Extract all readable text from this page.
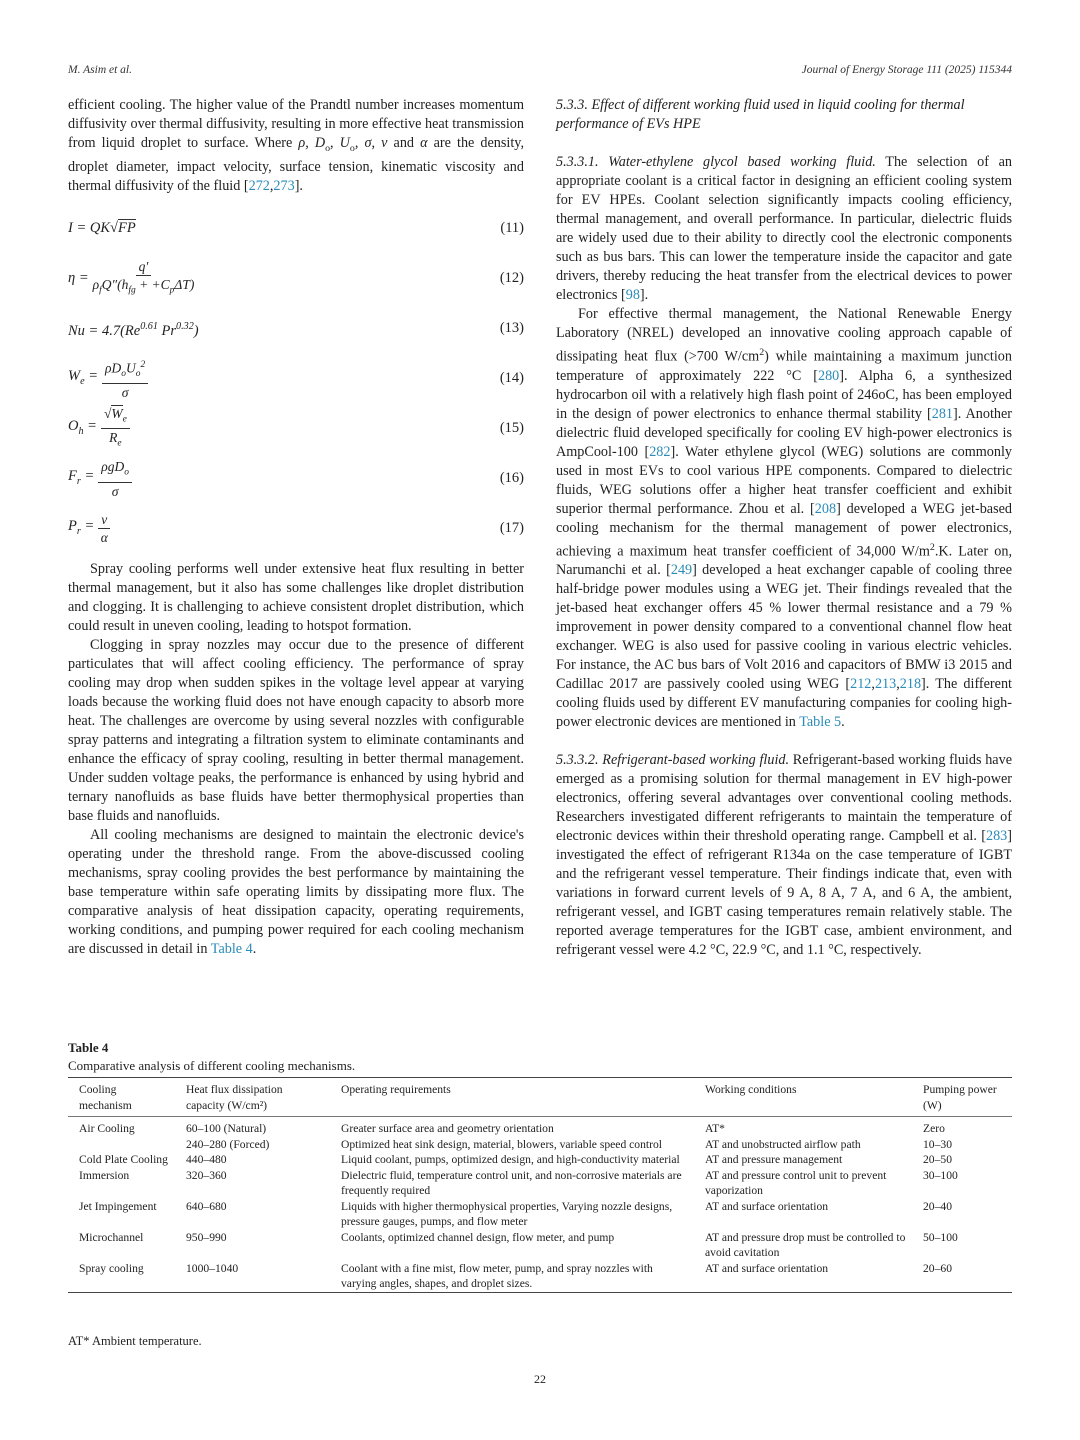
M. Asim et al.	Journal of Energy Storage 111 (2025) 115344

efficient cooling. The higher value of the Prandtl number increases momentum diffusivity over thermal diffusivity, resulting in more effective heat transmission from liquid droplet to surface. Where ρ, $D_o$, $U_o$, σ, ν and α are the density, droplet diameter, impact velocity, surface tension, kinematic viscosity and thermal diffusivity of the fluid [272,273].

I = QK√FP	(11)
$\eta = \frac{q'}{\rho_fQ''(h_{fg} + +C_p\Delta T)}$	(12)
$Nu = 4.7(Re^{0.61}$ $Pr^{0.32}$)	(13)
$W_e = \frac{\rho D_oU_o^2}{\sigma}$	(14)
$O_h = \frac{√W_e}{R_e}$	(15)
$F_r = \frac{\rho gD_o}{\sigma}$	(16)
$P_r = \frac{\nu}{\alpha}$	(17)

Spray cooling performs well under extensive heat flux resulting in better thermal management, but it also has some challenges like droplet distribution and clogging. It is challenging to achieve consistent droplet distribution, which could result in uneven cooling, leading to hotspot formation.

Clogging in spray nozzles may occur due to the presence of different particulates that will affect cooling efficiency. The performance of spray cooling may drop when sudden spikes in the voltage level appear at varying loads because the working fluid does not have enough capacity to absorb more heat. The challenges are overcome by using several nozzles with configurable spray patterns and integrating a filtration system to eliminate contaminants and enhance the efficacy of spray cooling, resulting in better thermal management. Under sudden voltage peaks, the performance is enhanced by using hybrid and ternary nanofluids as base fluids have better thermophysical properties than base fluids and nanofluids.

All cooling mechanisms are designed to maintain the electronic device's operating under the threshold range. From the above-discussed cooling mechanisms, spray cooling provides the best performance by maintaining the base temperature within safe operating limits by dissipating more flux. The comparative analysis of heat dissipation capacity, operating requirements, working conditions, and pumping power required for each cooling mechanism are discussed in detail in Table 4.

5.3.3. Effect of different working fluid used in liquid cooling for thermal performance of EVs HPE

5.3.3.1. Water-ethylene glycol based working fluid. The selection of an appropriate coolant is a critical factor in designing an efficient cooling system for EV HPEs. Coolant selection significantly impacts cooling efficiency, thermal management, and overall performance. In particular, dielectric fluids are widely used due to their ability to directly cool the electronic components such as bus bars. This can lower the temperature inside the capacitor and gate drivers, thereby reducing the heat transfer from the electrical devices to power electronics [98].

For effective thermal management, the National Renewable Energy Laboratory (NREL) developed an innovative cooling approach capable of dissipating heat flux (>700 $W/cm^2$) while maintaining a maximum junction temperature of approximately 222 °C [280]. Alpha 6, a synthesized hydrocarbon oil with a relatively high flash point of 246oC, has been employed in the design of power electronics to enhance thermal stability [281]. Another dielectric fluid developed specifically for cooling EV high-power electronics is AmpCool-100 [282]. Water ethylene glycol (WEG) solutions are commonly used in most EVs to cool various HPE components. Compared to dielectric fluids, WEG solutions offer a higher heat transfer coefficient and exhibit superior thermal performance. Zhou et al. [208] developed a WEG jet-based cooling mechanism for the thermal management of power electronics, achieving a maximum heat transfer coefficient of 34,000 $W/m^2.K$. Later on, Narumanchi et al. [249] developed a heat exchanger capable of cooling three half-bridge power modules using a WEG jet. Their findings revealed that the jet-based heat exchanger offers 45 % lower thermal resistance and a 79 % improvement in power density compared to a conventional channel flow heat exchanger. WEG is also used for passive cooling in various electric vehicles. For instance, the AC bus bars of Volt 2016 and capacitors of BMW i3 2015 and Cadillac 2017 are passively cooled using WEG [212,213,218]. The different cooling fluids used by different EV manufacturing companies for cooling high-power electronic devices are mentioned in Table 5.

5.3.3.2. Refrigerant-based working fluid. Refrigerant-based working fluids have emerged as a promising solution for thermal management in EV high-power electronics, offering several advantages over conventional cooling methods. Researchers investigated different refrigerants to maintain the temperature of electronic devices within their threshold operating range. Campbell et al. [283] investigated the effect of refrigerant R134a on the case temperature of IGBT and the refrigerant vessel temperature. Their findings indicate that, even with variations in forward current levels of 9 A, 8 A, 7 A, and 6 A, the ambient, refrigerant vessel, and IGBT casing temperatures remain relatively stable. The reported average temperatures for the IGBT case, ambient environment, and refrigerant vessel were 4.2 °C, 22.9 °C, and 1.1 °C, respectively.

Table 4
Comparative analysis of different cooling mechanisms.
Cooling mechanism	Heat flux dissipation capacity (W/cm²)	Operating requirements	Working conditions	Pumping power (W)
Air Cooling	60–100 (Natural)	Greater surface area and geometry orientation	AT*	Zero
	240–280 (Forced)	Optimized heat sink design, material, blowers, variable speed control	AT and unobstructed airflow path	10–30
Cold Plate Cooling	440–480	Liquid coolant, pumps, optimized design, and high-conductivity material	AT and pressure management	20–50
Immersion	320–360	Dielectric fluid, temperature control unit, and non-corrosive materials are frequently required	AT and pressure control unit to prevent vaporization	30–100
Jet Impingement	640–680	Liquids with higher thermophysical properties, Varying nozzle designs, pressure gauges, pumps, and flow meter	AT and surface orientation	20–40
Microchannel	950–990	Coolants, optimized channel design, flow meter, and pump	AT and pressure drop must be controlled to avoid cavitation	50–100
Spray cooling	1000–1040	Coolant with a fine mist, flow meter, pump, and spray nozzles with varying angles, shapes, and droplet sizes.	AT and surface orientation	20–60
AT* Ambient temperature.
22
